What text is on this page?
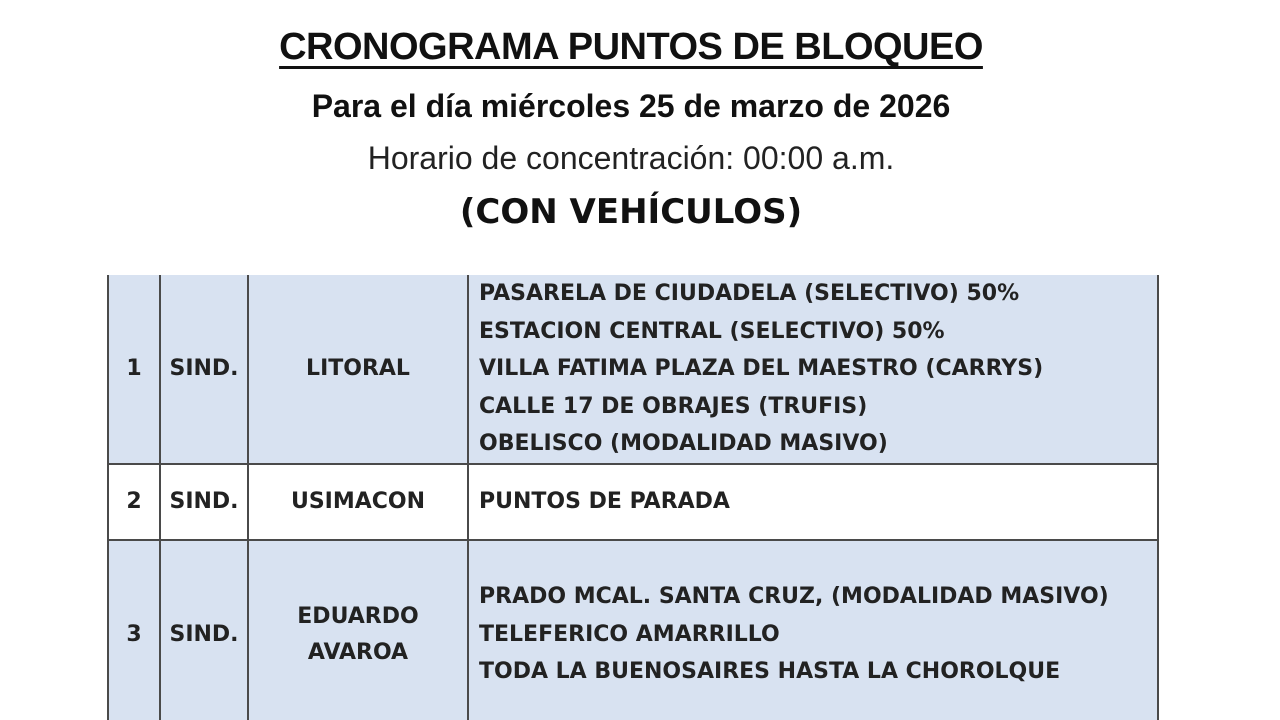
CRONOGRAMA PUNTOS DE BLOQUEO
Para el día miércoles 25 de marzo de 2026
Horario de concentración: 00:00 a.m.
(CON VEHÍCULOS)
1	SIND.	LITORAL	PASARELA DE CIUDADELA (SELECTIVO) 50%
ESTACION CENTRAL (SELECTIVO) 50%
VILLA FATIMA PLAZA DEL MAESTRO (CARRYS)
CALLE 17 DE OBRAJES (TRUFIS)
OBELISCO (MODALIDAD MASIVO)

2	SIND.	USIMACON	PUNTOS DE PARADA

3	SIND.	EDUARDO
AVAROA	PRADO MCAL. SANTA CRUZ, (MODALIDAD MASIVO)
TELEFERICO AMARRILLO
TODA LA BUENOSAIRES HASTA LA CHOROLQUE
